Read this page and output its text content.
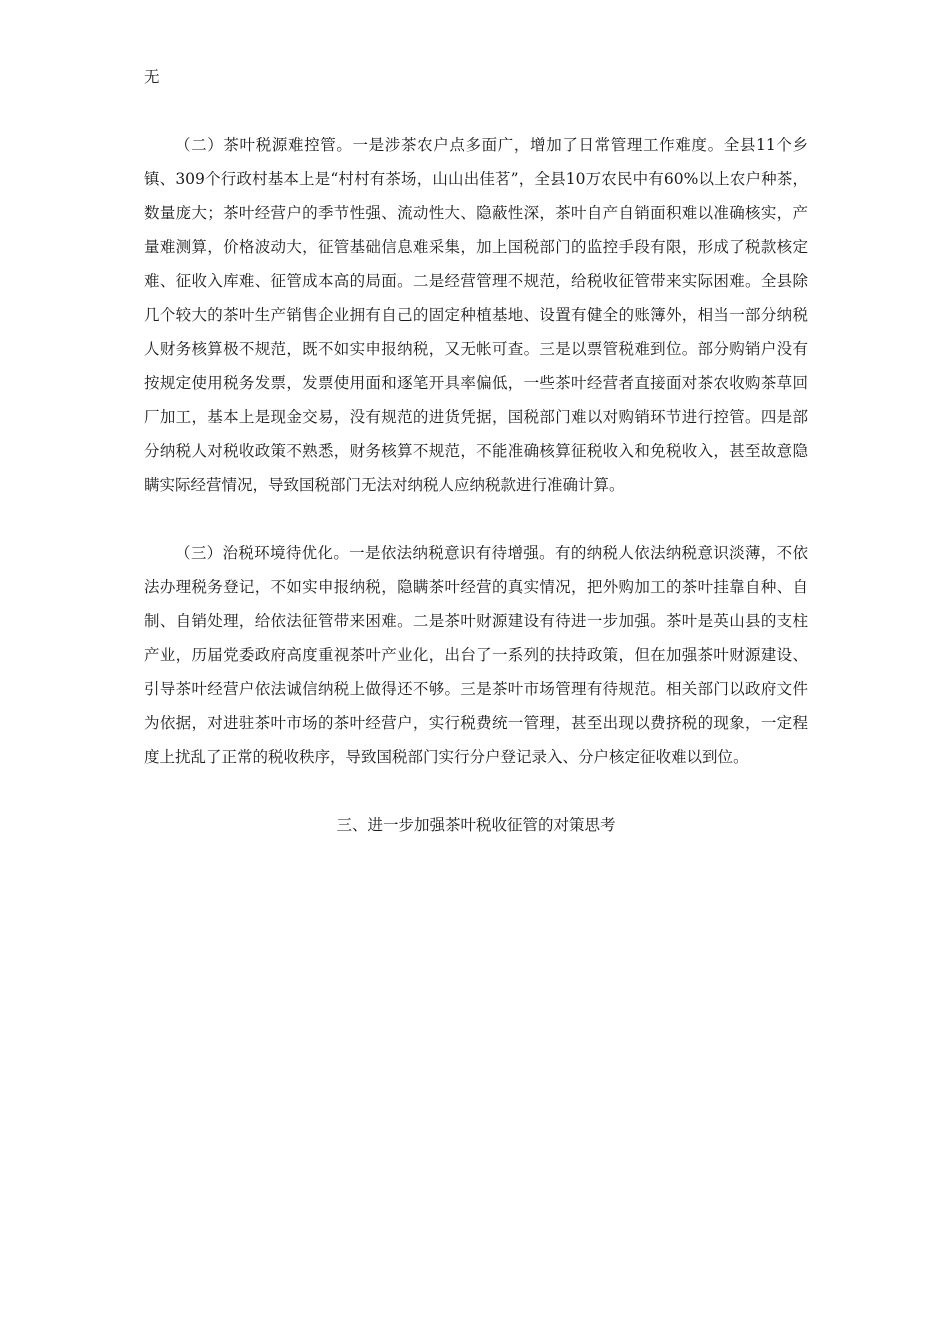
无

（二）茶叶税源难控管。一是涉茶农户点多面广，增加了日常管理工作难度。全县11个乡镇、309个行政村基本上是“村村有茶场，山山出佳茗”，全县10万农民中有60%以上农户种茶，数量庞大；茶叶经营户的季节性强、流动性大、隐蔽性深，茶叶自产自销面积难以准确核实，产量难测算，价格波动大，征管基础信息难采集，加上国税部门的监控手段有限，形成了税款核定难、征收入库难、征管成本高的局面。二是经营管理不规范，给税收征管带来实际困难。全县除几个较大的茶叶生产销售企业拥有自己的固定种植基地、设置有健全的账簿外，相当一部分纳税人财务核算极不规范，既不如实申报纳税，又无帐可查。三是以票管税难到位。部分购销户没有按规定使用税务发票，发票使用面和逐笔开具率偏低，一些茶叶经营者直接面对茶农收购茶草回厂加工，基本上是现金交易，没有规范的进货凭据，国税部门难以对购销环节进行控管。四是部分纳税人对税收政策不熟悉，财务核算不规范，不能准确核算征税收入和免税收入，甚至故意隐瞒实际经营情况，导致国税部门无法对纳税人应纳税款进行准确计算。

（三）治税环境待优化。一是依法纳税意识有待增强。有的纳税人依法纳税意识淡薄，不依法办理税务登记，不如实申报纳税，隐瞒茶叶经营的真实情况，把外购加工的茶叶挂靠自种、自制、自销处理，给依法征管带来困难。二是茶叶财源建设有待进一步加强。茶叶是英山县的支柱产业，历届党委政府高度重视茶叶产业化，出台了一系列的扶持政策，但在加强茶叶财源建设、引导茶叶经营户依法诚信纳税上做得还不够。三是茶叶市场管理有待规范。相关部门以政府文件为依据，对进驻茶叶市场的茶叶经营户，实行税费统一管理，甚至出现以费挤税的现象，一定程度上扰乱了正常的税收秩序，导致国税部门实行分户登记录入、分户核定征收难以到位。

三、进一步加强茶叶税收征管的对策思考
